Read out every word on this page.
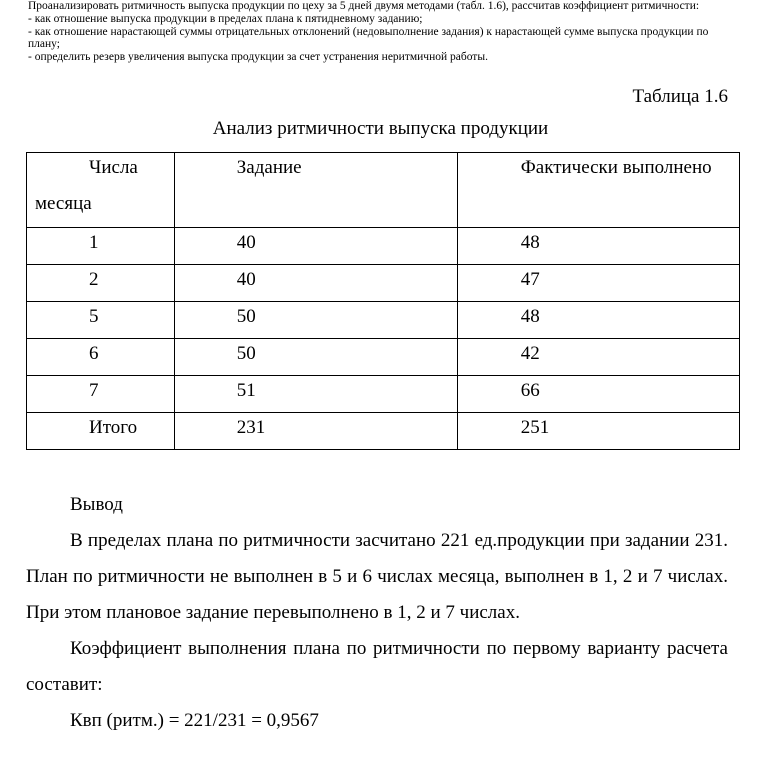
Проанализировать ритмичность выпуска продукции по цеху за 5 дней двумя методами (табл. 1.6), рассчитав коэффициент ритмичности:
- как отношение выпуска продукции в пределах плана к пятидневному заданию;
- как отношение нарастающей суммы отрицательных отклонений (недовыполнение задания) к нарастающей сумме выпуска продукции по плану;
- определить резерв увеличения выпуска продукции за счет устранения неритмичной работы.
Таблица 1.6
Анализ ритмичности выпуска продукции
Числа
месяца	Задание	Фактически выполнено

1	40	48

2	40	47

5	50	48

6	50	42

7	51	66

Итого	231	251

Вывод

В пределах плана по ритмичности засчитано 221 ед.продукции при задании 231. План по ритмичности не выполнен в 5 и 6 числах месяца, выполнен в 1, 2 и 7 числах. При этом плановое задание перевыполнено в 1, 2 и 7 числах.

Коэффициент выполнения плана по ритмичности по первому варианту расчета составит:

Квп (ритм.) = 221/231 = 0,9567
